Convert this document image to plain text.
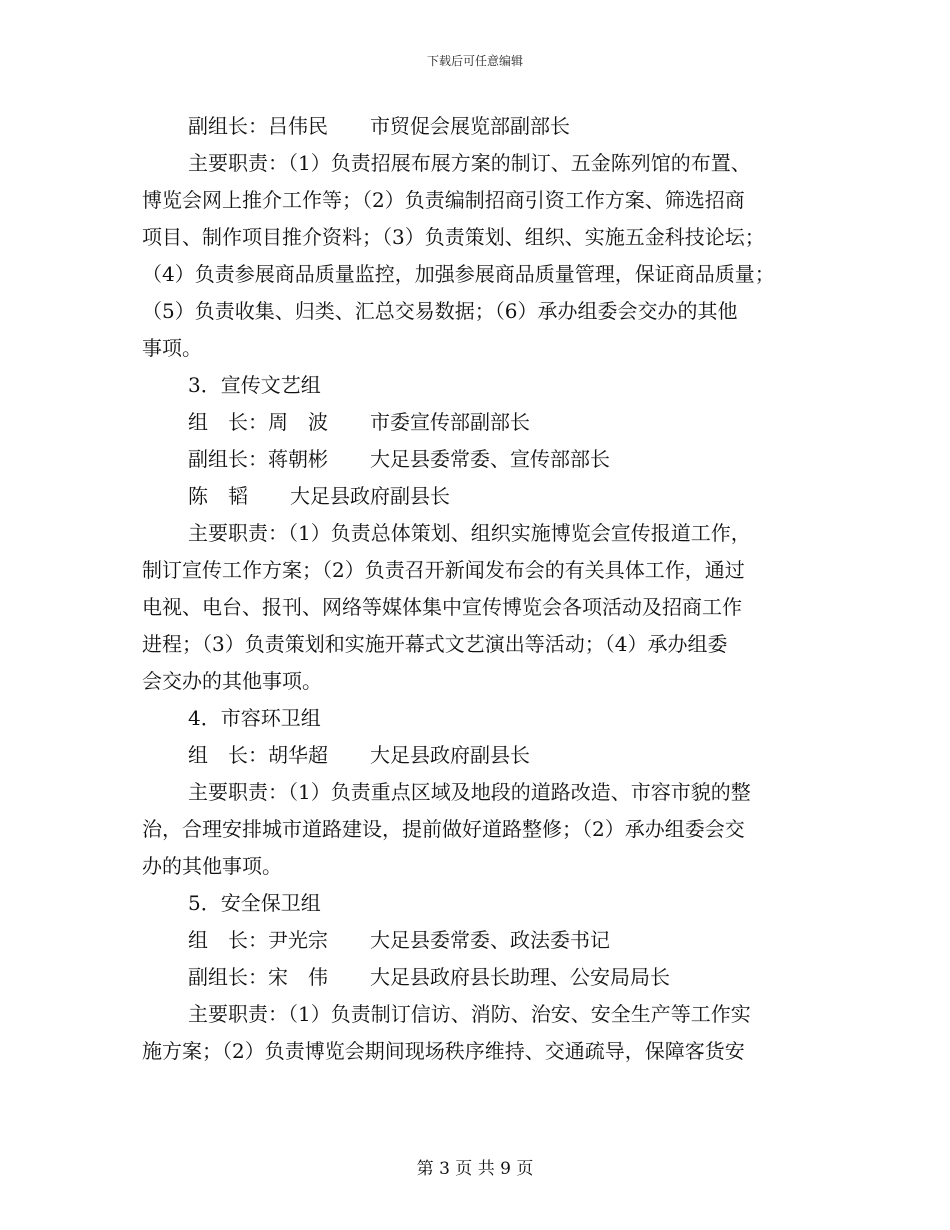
下载后可任意编辑
副组长：吕伟民 市贸促会展览部副部长
主要职责：（1）负责招展布展方案的制订、五金陈列馆的布置、
博览会网上推介工作等；（2）负责编制招商引资工作方案、筛选招商
项目、制作项目推介资料；（3）负责策划、组织、实施五金科技论坛；
（4）负责参展商品质量监控，加强参展商品质量管理，保证商品质量；
（5）负责收集、归类、汇总交易数据；（6）承办组委会交办的其他
事项。
3．宣传文艺组
组　长：周　波 市委宣传部副部长
副组长：蒋朝彬 大足县委常委、宣传部部长
陈　韬 大足县政府副县长
主要职责：（1）负责总体策划、组织实施博览会宣传报道工作，
制订宣传工作方案；（2）负责召开新闻发布会的有关具体工作，通过
电视、电台、报刊、网络等媒体集中宣传博览会各项活动及招商工作
进程；（3）负责策划和实施开幕式文艺演出等活动；（4）承办组委
会交办的其他事项。
4．市容环卫组
组　长：胡华超 大足县政府副县长
主要职责：（1）负责重点区域及地段的道路改造、市容市貌的整
治，合理安排城市道路建设，提前做好道路整修；（2）承办组委会交
办的其他事项。
5．安全保卫组
组　长：尹光宗 大足县委常委、政法委书记
副组长：宋　伟 大足县政府县长助理、公安局局长
主要职责：（1）负责制订信访、消防、治安、安全生产等工作实
施方案；（2）负责博览会期间现场秩序维持、交通疏导，保障客货安
第 3 页 共 9 页
